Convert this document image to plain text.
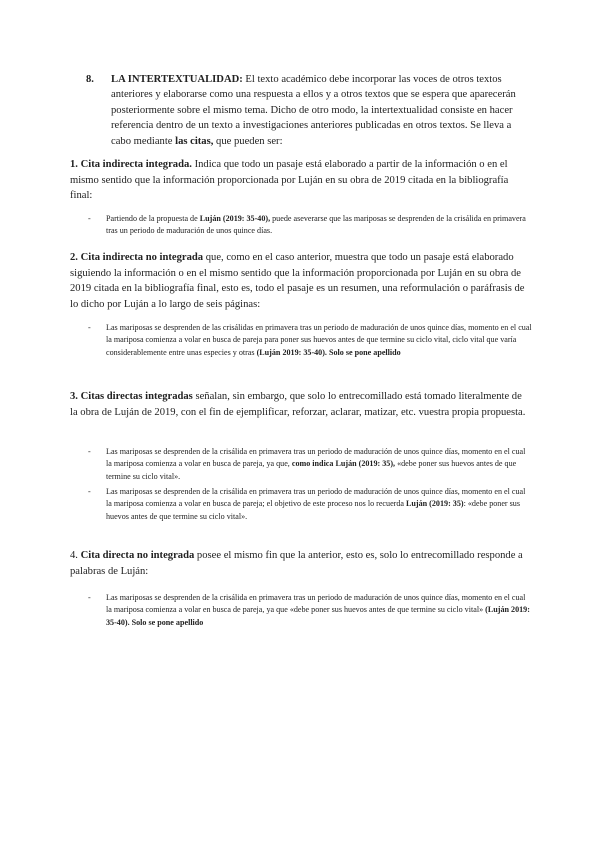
8. LA INTERTEXTUALIDAD: El texto académico debe incorporar las voces de otros textos anteriores y elaborarse como una respuesta a ellos y a otros textos que se espera que aparecerán posteriormente sobre el mismo tema. Dicho de otro modo, la intertextualidad consiste en hacer referencia dentro de un texto a investigaciones anteriores publicadas en otros textos. Se lleva a cabo mediante las citas, que pueden ser:
1. Cita indirecta integrada. Indica que todo un pasaje está elaborado a partir de la información o en el mismo sentido que la información proporcionada por Luján en su obra de 2019 citada en la bibliografía final:
- Partiendo de la propuesta de Luján (2019: 35-40), puede aseverarse que las mariposas se desprenden de la crisálida en primavera tras un periodo de maduración de unos quince días.
2. Cita indirecta no integrada que, como en el caso anterior, muestra que todo un pasaje está elaborado siguiendo la información o en el mismo sentido que la información proporcionada por Luján en su obra de 2019 citada en la bibliografía final, esto es, todo el pasaje es un resumen, una reformulación o paráfrasis de lo dicho por Luján a lo largo de seis páginas:
- Las mariposas se desprenden de las crisálidas en primavera tras un periodo de maduración de unos quince días, momento en el cual la mariposa comienza a volar en busca de pareja para poner sus huevos antes de que termine su ciclo vital, ciclo vital que varía considerablemente entre unas especies y otras (Luján 2019: 35-40). Solo se pone apellido
3. Citas directas integradas señalan, sin embargo, que solo lo entrecomillado está tomado literalmente de la obra de Luján de 2019, con el fin de ejemplificar, reforzar, aclarar, matizar, etc. vuestra propia propuesta.
- Las mariposas se desprenden de la crisálida en primavera tras un periodo de maduración de unos quince días, momento en el cual la mariposa comienza a volar en busca de pareja, ya que, como indica Luján (2019: 35), «debe poner sus huevos antes de que termine su ciclo vital».
- Las mariposas se desprenden de la crisálida en primavera tras un periodo de maduración de unos quince días, momento en el cual la mariposa comienza a volar en busca de pareja; el objetivo de este proceso nos lo recuerda Luján (2019: 35): «debe poner sus huevos antes de que termine su ciclo vital».
4. Cita directa no integrada posee el mismo fin que la anterior, esto es, solo lo entrecomillado responde a palabras de Luján:
- Las mariposas se desprenden de la crisálida en primavera tras un periodo de maduración de unos quince días, momento en el cual la mariposa comienza a volar en busca de pareja, ya que «debe poner sus huevos antes de que termine su ciclo vital» (Luján 2019: 35-40). Solo se pone apellido
